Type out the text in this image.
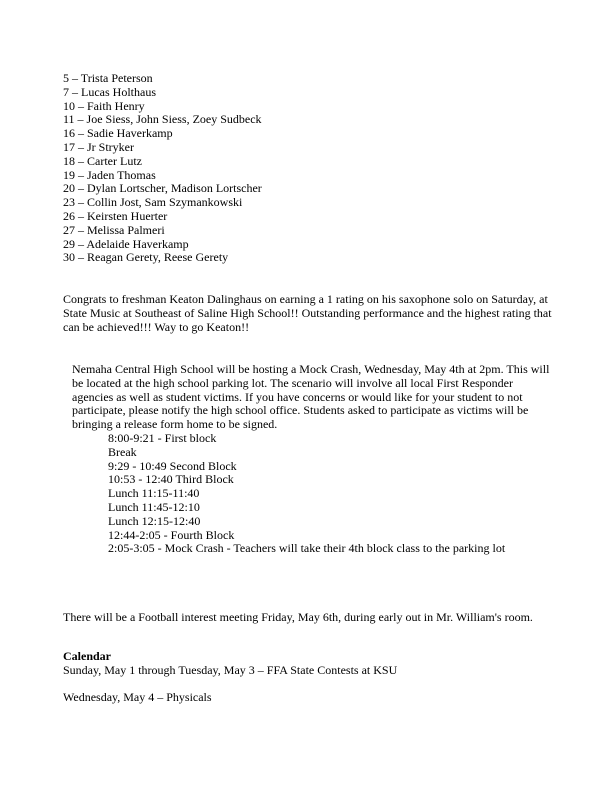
5 – Trista Peterson
7 – Lucas Holthaus
10 – Faith Henry
11 – Joe Siess, John Siess, Zoey Sudbeck
16 – Sadie Haverkamp
17 – Jr Stryker
18 – Carter Lutz
19 – Jaden Thomas
20 – Dylan Lortscher, Madison Lortscher
23 – Collin Jost, Sam Szymankowski
26 – Keirsten Huerter
27 – Melissa Palmeri
29 – Adelaide Haverkamp
30 – Reagan Gerety, Reese Gerety
Congrats to freshman Keaton Dalinghaus on earning a 1 rating on his saxophone solo on Saturday, at State Music at Southeast of Saline High School!! Outstanding performance and the highest rating that can be achieved!!! Way to go Keaton!!
Nemaha Central High School will be hosting a Mock Crash, Wednesday, May 4th at 2pm. This will be located at the high school parking lot. The scenario will involve all local First Responder agencies as well as student victims. If you have concerns or would like for your student to not participate, please notify the high school office. Students asked to participate as victims will be bringing a release form home to be signed.
8:00-9:21 - First block
Break
9:29 - 10:49 Second Block
10:53 - 12:40 Third Block
Lunch 11:15-11:40
Lunch 11:45-12:10
Lunch 12:15-12:40
12:44-2:05 - Fourth Block
2:05-3:05 - Mock Crash - Teachers will take their 4th block class to the parking lot
There will be a Football interest meeting Friday, May 6th, during early out in Mr. William's room.
Calendar
Sunday, May 1 through Tuesday, May 3 – FFA State Contests at KSU
Wednesday, May 4 – Physicals
